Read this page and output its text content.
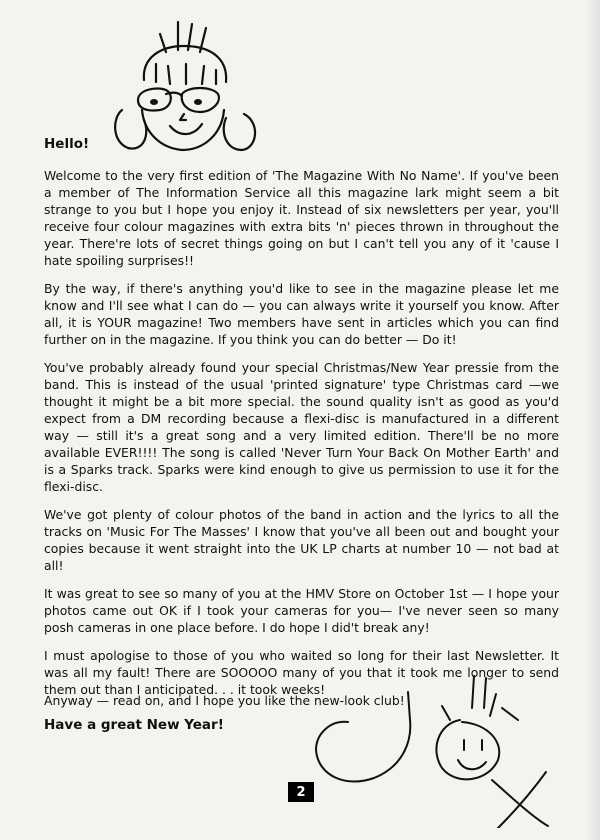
Hello!

Welcome to the very first edition of 'The Magazine With No Name'. If you've been a member of The Information Service all this magazine lark might seem a bit strange to you but I hope you enjoy it. Instead of six newsletters per year, you'll receive four colour magazines with extra bits 'n' pieces thrown in throughout the year. There're lots of secret things going on but I can't tell you any of it 'cause I hate spoiling surprises!!

By the way, if there's anything you'd like to see in the magazine please let me know and I'll see what I can do — you can always write it yourself you know. After all, it is YOUR magazine! Two members have sent in articles which you can find further on in the magazine. If you think you can do better — Do it!

You've probably already found your special Christmas/New Year pressie from the band. This is instead of the usual 'printed signature' type Christmas card —we thought it might be a bit more special. the sound quality isn't as good as you'd expect from a DM recording because a flexi-disc is manufactured in a different way — still it's a great song and a very limited edition. There'll be no more available EVER!!!! The song is called 'Never Turn Your Back On Mother Earth' and is a Sparks track. Sparks were kind enough to give us permission to use it for the flexi-disc.

We've got plenty of colour photos of the band in action and the lyrics to all the tracks on 'Music For The Masses' I know that you've all been out and bought your copies because it went straight into the UK LP charts at number 10 — not bad at all!

It was great to see so many of you at the HMV Store on October 1st — I hope your photos came out OK if I took your cameras for you— I've never seen so many posh cameras in one place before. I do hope I did't break any!

I must apologise to those of you who waited so long for their last Newsletter. It was all my fault! There are SOOOOO many of you that it took me longer to send them out than I anticipated. . . it took weeks!

Anyway — read on, and I hope you like the new-look club!
Have a great New Year!
2
